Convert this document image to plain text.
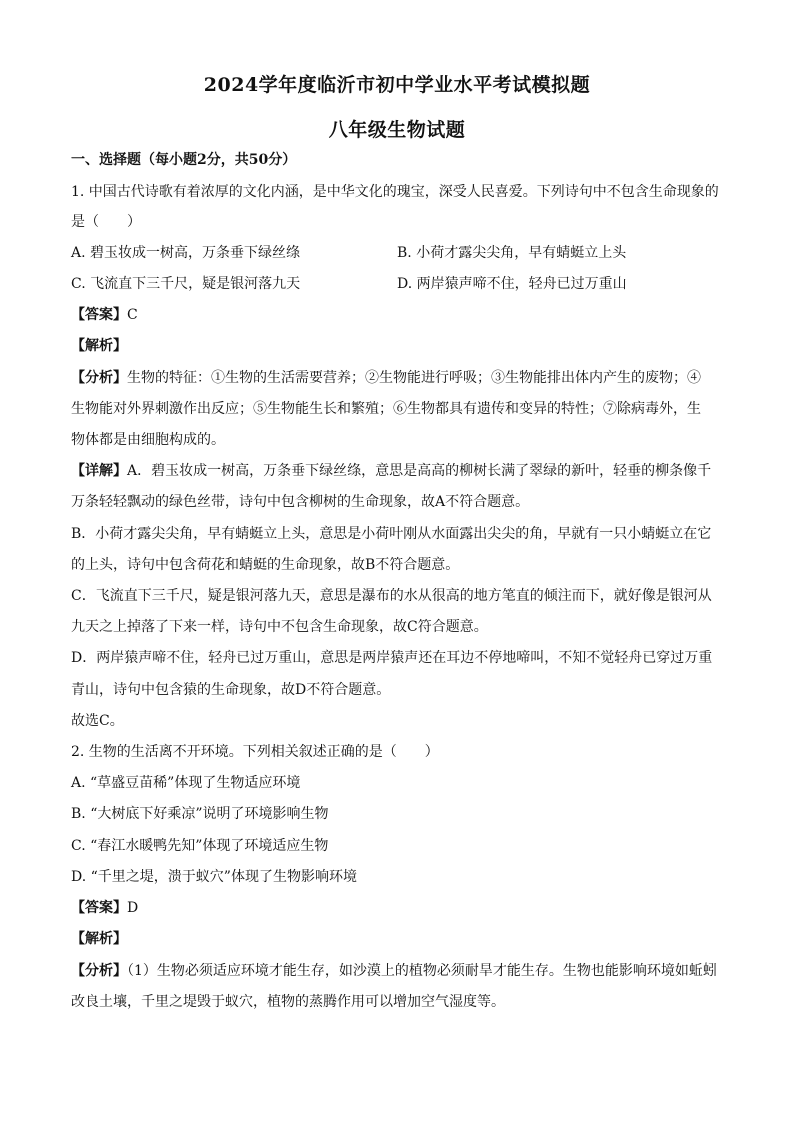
2024学年度临沂市初中学业水平考试模拟题
八年级生物试题
一、选择题（每小题2分，共50分）
1. 中国古代诗歌有着浓厚的文化内涵，是中华文化的瑰宝，深受人民喜爱。下列诗句中不包含生命现象的
是（　　）
A. 碧玉妆成一树高，万条垂下绿丝绦	B. 小荷才露尖尖角，早有蜻蜓立上头
C. 飞流直下三千尺，疑是银河落九天	D. 两岸猿声啼不住，轻舟已过万重山
【答案】C
【解析】
【分析】生物的特征：①生物的生活需要营养；②生物能进行呼吸；③生物能排出体内产生的废物；④
生物能对外界刺激作出反应；⑤生物能生长和繁殖；⑥生物都具有遗传和变异的特性；⑦除病毒外，生
物体都是由细胞构成的。
【详解】A．碧玉妆成一树高，万条垂下绿丝绦，意思是高高的柳树长满了翠绿的新叶，轻垂的柳条像千
万条轻轻飘动的绿色丝带，诗句中包含柳树的生命现象，故A不符合题意。
B．小荷才露尖尖角，早有蜻蜓立上头，意思是小荷叶刚从水面露出尖尖的角，早就有一只小蜻蜓立在它
的上头，诗句中包含荷花和蜻蜓的生命现象，故B不符合题意。
C．飞流直下三千尺，疑是银河落九天，意思是瀑布的水从很高的地方笔直的倾注而下，就好像是银河从
九天之上掉落了下来一样，诗句中不包含生命现象，故C符合题意。
D．两岸猿声啼不住，轻舟已过万重山，意思是两岸猿声还在耳边不停地啼叫，不知不觉轻舟已穿过万重
青山，诗句中包含猿的生命现象，故D不符合题意。
故选C。
2. 生物的生活离不开环境。下列相关叙述正确的是（　　）
A. “草盛豆苗稀”体现了生物适应环境
B. “大树底下好乘凉”说明了环境影响生物
C. “春江水暖鸭先知”体现了环境适应生物
D. “千里之堤，溃于蚁穴”体现了生物影响环境
【答案】D
【解析】
【分析】（1）生物必须适应环境才能生存，如沙漠上的植物必须耐旱才能生存。生物也能影响环境如蚯蚓
改良土壤，千里之堤毁于蚁穴，植物的蒸腾作用可以增加空气湿度等。
